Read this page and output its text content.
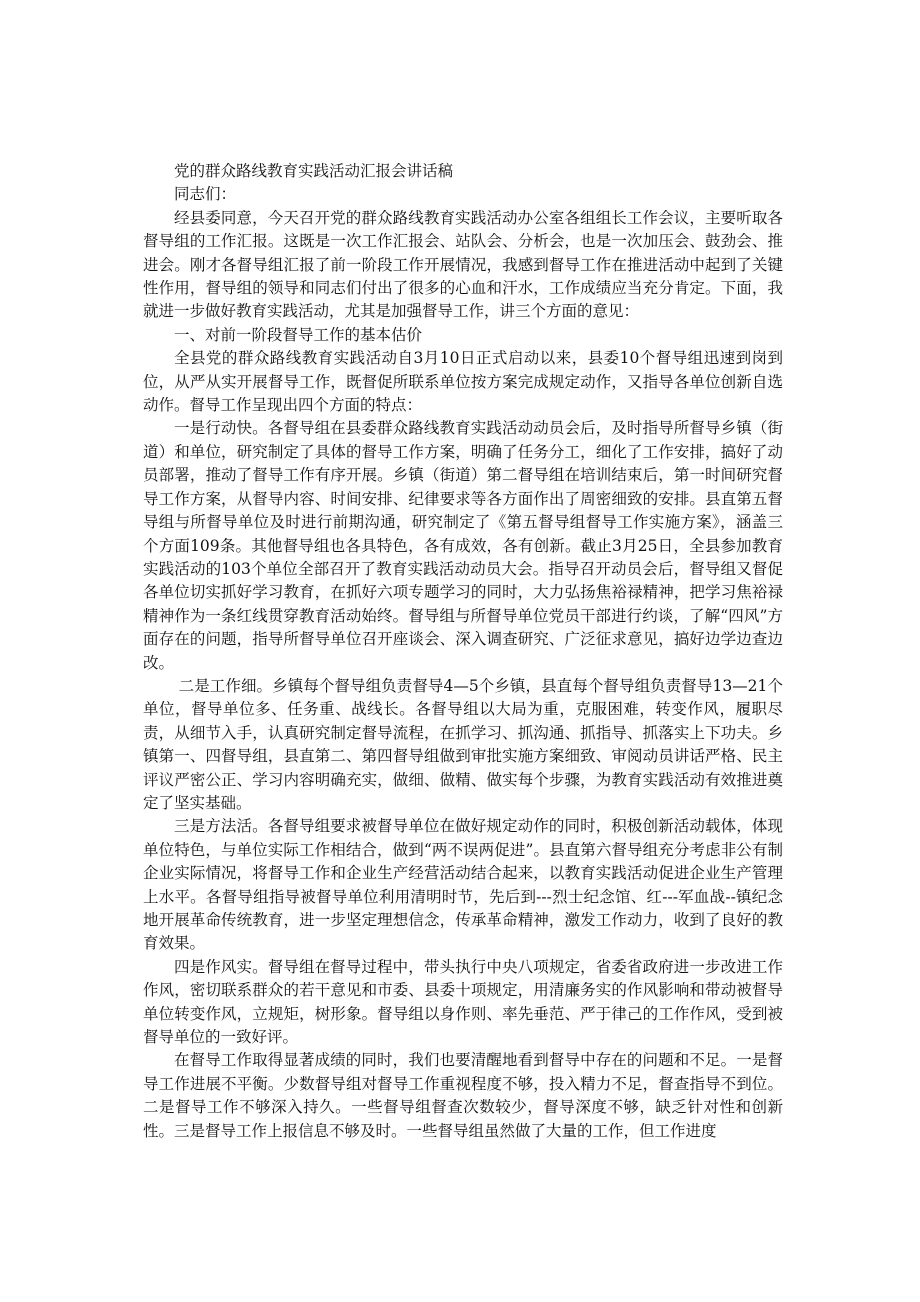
党的群众路线教育实践活动汇报会讲话稿

同志们：

经县委同意，今天召开党的群众路线教育实践活动办公室各组组长工作会议，主要听取各督导组的工作汇报。这既是一次工作汇报会、站队会、分析会，也是一次加压会、鼓劲会、推进会。刚才各督导组汇报了前一阶段工作开展情况，我感到督导工作在推进活动中起到了关键性作用，督导组的领导和同志们付出了很多的心血和汗水，工作成绩应当充分肯定。下面，我就进一步做好教育实践活动，尤其是加强督导工作，讲三个方面的意见：

一、对前一阶段督导工作的基本估价

全县党的群众路线教育实践活动自3月10日正式启动以来，县委10个督导组迅速到岗到位，从严从实开展督导工作，既督促所联系单位按方案完成规定动作，又指导各单位创新自选动作。督导工作呈现出四个方面的特点：

一是行动快。各督导组在县委群众路线教育实践活动动员会后，及时指导所督导乡镇（街道）和单位，研究制定了具体的督导工作方案，明确了任务分工，细化了工作安排，搞好了动员部署，推动了督导工作有序开展。乡镇（街道）第二督导组在培训结束后，第一时间研究督导工作方案，从督导内容、时间安排、纪律要求等各方面作出了周密细致的安排。县直第五督导组与所督导单位及时进行前期沟通，研究制定了《第五督导组督导工作实施方案》，涵盖三个方面109条。其他督导组也各具特色，各有成效，各有创新。截止3月25日，全县参加教育实践活动的103个单位全部召开了教育实践活动动员大会。指导召开动员会后，督导组又督促各单位切实抓好学习教育，在抓好六项专题学习的同时，大力弘扬焦裕禄精神，把学习焦裕禄精神作为一条红线贯穿教育活动始终。督导组与所督导单位党员干部进行约谈，了解“四风”方面存在的问题，指导所督导单位召开座谈会、深入调查研究、广泛征求意见，搞好边学边查边改。

二是工作细。乡镇每个督导组负责督导4—5个乡镇，县直每个督导组负责督导13—21个单位，督导单位多、任务重、战线长。各督导组以大局为重，克服困难，转变作风，履职尽责，从细节入手，认真研究制定督导流程，在抓学习、抓沟通、抓指导、抓落实上下功夫。乡镇第一、四督导组，县直第二、第四督导组做到审批实施方案细致、审阅动员讲话严格、民主评议严密公正、学习内容明确充实，做细、做精、做实每个步骤，为教育实践活动有效推进奠定了坚实基础。

三是方法活。各督导组要求被督导单位在做好规定动作的同时，积极创新活动载体，体现单位特色，与单位实际工作相结合，做到“两不误两促进”。县直第六督导组充分考虑非公有制企业实际情况，将督导工作和企业生产经营活动结合起来，以教育实践活动促进企业生产管理上水平。各督导组指导被督导单位利用清明时节，先后到---烈士纪念馆、红---军血战--镇纪念地开展革命传统教育，进一步坚定理想信念，传承革命精神，激发工作动力，收到了良好的教育效果。

四是作风实。督导组在督导过程中，带头执行中央八项规定，省委省政府进一步改进工作作风，密切联系群众的若干意见和市委、县委十项规定，用清廉务实的作风影响和带动被督导单位转变作风，立规矩，树形象。督导组以身作则、率先垂范、严于律己的工作作风，受到被督导单位的一致好评。

在督导工作取得显著成绩的同时，我们也要清醒地看到督导中存在的问题和不足。一是督导工作进展不平衡。少数督导组对督导工作重视程度不够，投入精力不足，督查指导不到位。二是督导工作不够深入持久。一些督导组督查次数较少，督导深度不够，缺乏针对性和创新性。三是督导工作上报信息不够及时。一些督导组虽然做了大量的工作，但工作进度
